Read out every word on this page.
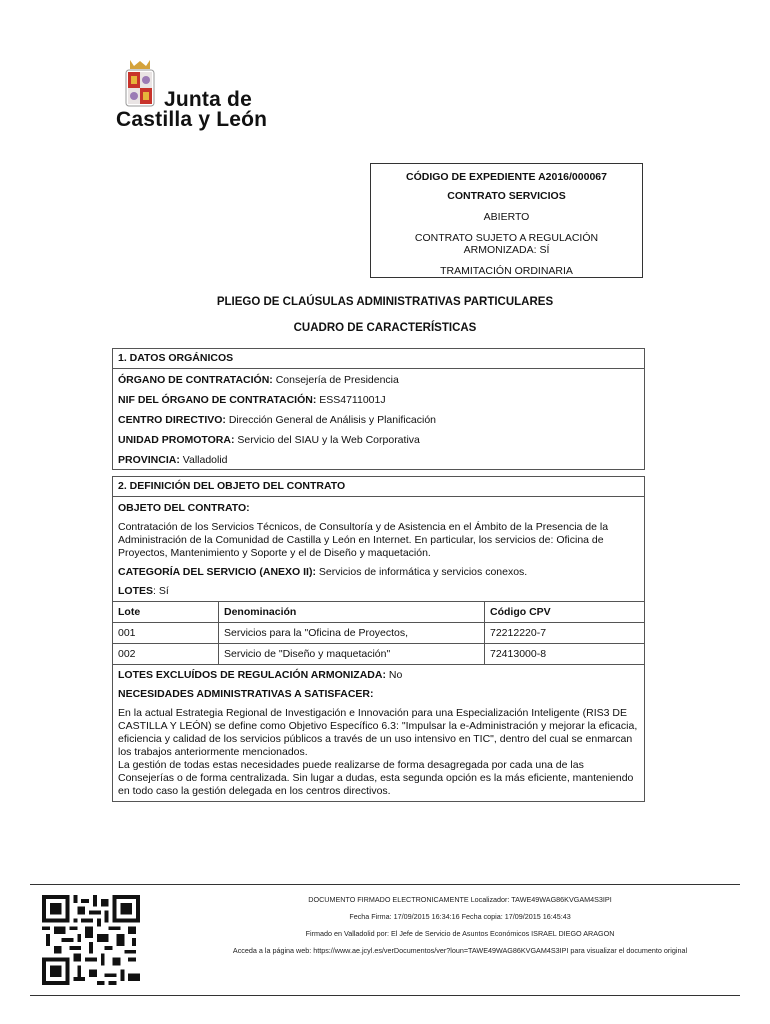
Junta de
Castilla y León
CÓDIGO DE EXPEDIENTE A2016/000067
CONTRATO SERVICIOS
ABIERTO
CONTRATO SUJETO A REGULACIÓN
ARMONIZADA: SÍ
TRAMITACIÓN ORDINARIA
PLIEGO DE CLAÚSULAS ADMINISTRATIVAS PARTICULARES
CUADRO DE CARACTERÍSTICAS
1. DATOS ORGÁNICOS
ÓRGANO DE CONTRATACIÓN: Consejería de Presidencia
NIF DEL ÓRGANO DE CONTRATACIÓN: ESS4711001J
CENTRO DIRECTIVO: Dirección General de Análisis y Planificación
UNIDAD PROMOTORA: Servicio del SIAU y la Web Corporativa
PROVINCIA: Valladolid
2. DEFINICIÓN DEL OBJETO DEL CONTRATO
OBJETO DEL CONTRATO:
Contratación de los Servicios Técnicos, de Consultoría y de Asistencia en el Ámbito de la Presencia de la Administración de la Comunidad de Castilla y León en Internet. En particular, los servicios de: Oficina de Proyectos, Mantenimiento y Soporte y el de Diseño y maquetación.
CATEGORÍA DEL SERVICIO (ANEXO II): Servicios de informática y servicios conexos.
LOTES: Sí
Lote	Denominación	Código CPV
001	Servicios para la "Oficina de Proyectos,	72212220-7
002	Servicio de "Diseño y maquetación"	72413000-8
LOTES EXCLUÍDOS DE REGULACIÓN ARMONIZADA: No
NECESIDADES ADMINISTRATIVAS A SATISFACER:
En la actual Estrategia Regional de Investigación e Innovación para una Especialización Inteligente (RIS3 DE CASTILLA Y LEÓN) se define como Objetivo Específico 6.3: "Impulsar la e-Administración y mejorar la eficacia, eficiencia y calidad de los servicios públicos a través de un uso intensivo en TIC", dentro del cual se enmarcan los trabajos anteriormente mencionados.
La gestión de todas estas necesidades puede realizarse de forma desagregada por cada una de las Consejerías o de forma centralizada. Sin lugar a dudas, esta segunda opción es la más eficiente, manteniendo en todo caso la gestión delegada en los centros directivos.
DOCUMENTO FIRMADO ELECTRONICAMENTE Localizador: TAWE49WAG86KVGAM4S3IPI
Fecha Firma: 17/09/2015 16:34:16 Fecha copia: 17/09/2015 16:45:43
Firmado en Valladolid por: El Jefe de Servicio de Asuntos Económicos ISRAEL DIEGO ARAGON
Acceda a la página web: https://www.ae.jcyl.es/verDocumentos/ver?loun=TAWE49WAG86KVGAM4S3IPI para visualizar el documento original
